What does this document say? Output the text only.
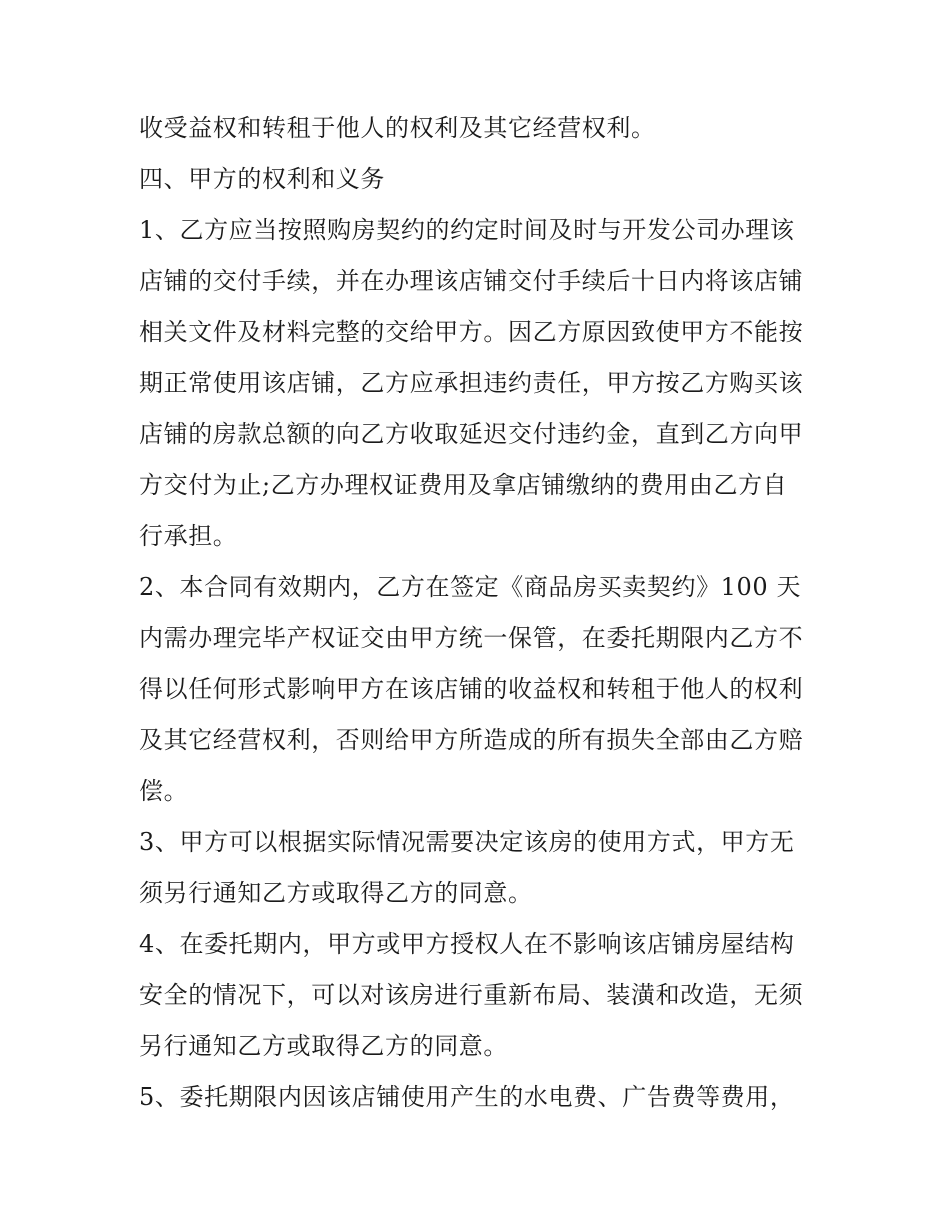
收受益权和转租于他人的权利及其它经营权利。

四、甲方的权利和义务

1、乙方应当按照购房契约的约定时间及时与开发公司办理该
店铺的交付手续，并在办理该店铺交付手续后十日内将该店铺
相关文件及材料完整的交给甲方。因乙方原因致使甲方不能按
期正常使用该店铺，乙方应承担违约责任，甲方按乙方购买该
店铺的房款总额的向乙方收取延迟交付违约金，直到乙方向甲
方交付为止;乙方办理权证费用及拿店铺缴纳的费用由乙方自
行承担。

2、本合同有效期内，乙方在签定《商品房买卖契约》100 天
内需办理完毕产权证交由甲方统一保管，在委托期限内乙方不
得以任何形式影响甲方在该店铺的收益权和转租于他人的权利
及其它经营权利，否则给甲方所造成的所有损失全部由乙方赔
偿。

3、甲方可以根据实际情况需要决定该房的使用方式，甲方无
须另行通知乙方或取得乙方的同意。

4、在委托期内，甲方或甲方授权人在不影响该店铺房屋结构
安全的情况下，可以对该房进行重新布局、装潢和改造，无须
另行通知乙方或取得乙方的同意。

5、委托期限内因该店铺使用产生的水电费、广告费等费用，
